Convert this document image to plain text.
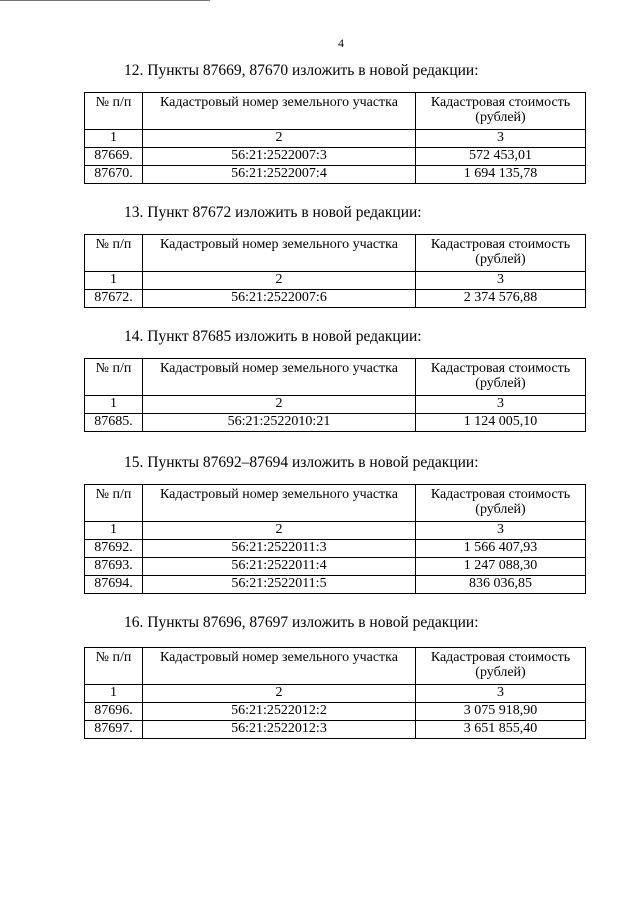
4
12. Пункты 87669, 87670 изложить в новой редакции:
№ п/п	Кадастровый номер земельного участка	Кадастровая стоимость
(рублей)

1	2	3
87669.	56:21:2522007:3	572 453,01
87670.	56:21:2522007:4	1 694 135,78
13. Пункт 87672 изложить в новой редакции:
№ п/п	Кадастровый номер земельного участка	Кадастровая стоимость
(рублей)

1	2	3
87672.	56:21:2522007:6	2 374 576,88
14. Пункт 87685 изложить в новой редакции:
№ п/п	Кадастровый номер земельного участка	Кадастровая стоимость
(рублей)

1	2	3
87685.	56:21:2522010:21	1 124 005,10
15. Пункты 87692–87694 изложить в новой редакции:
№ п/п	Кадастровый номер земельного участка	Кадастровая стоимость
(рублей)

1	2	3
87692.	56:21:2522011:3	1 566 407,93
87693.	56:21:2522011:4	1 247 088,30
87694.	56:21:2522011:5	836 036,85
16. Пункты 87696, 87697 изложить в новой редакции:
№ п/п	Кадастровый номер земельного участка	Кадастровая стоимость
(рублей)

1	2	3
87696.	56:21:2522012:2	3 075 918,90
87697.	56:21:2522012:3	3 651 855,40
